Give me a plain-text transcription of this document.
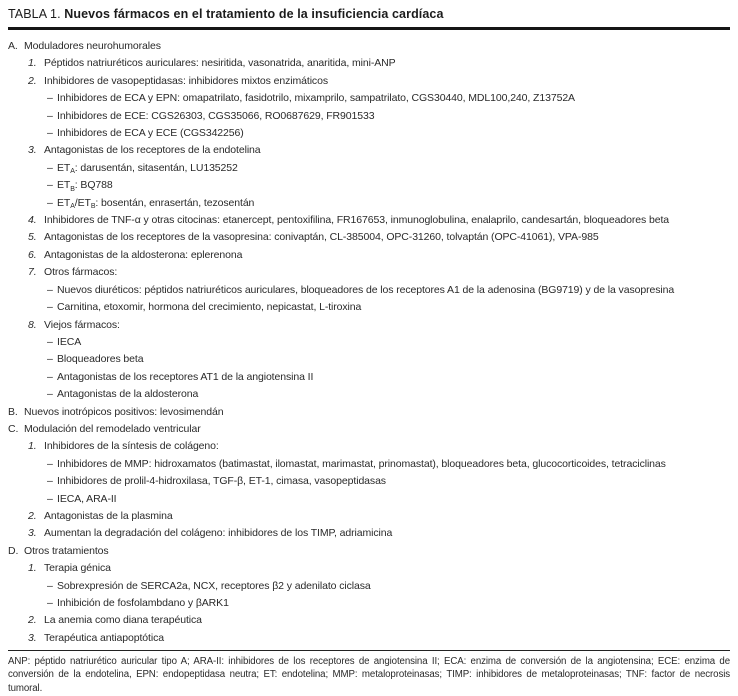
TABLA 1. Nuevos fármacos en el tratamiento de la insuficiencia cardíaca
A. Moduladores neurohumorales
1. Péptidos natriuréticos auriculares: nesiritida, vasonatrida, anaritida, mini-ANP
2. Inhibidores de vasopeptidasas: inhibidores mixtos enzimáticos
– Inhibidores de ECA y EPN: omapatrilato, fasidotrilo, mixamprilo, sampatrilato, CGS30440, MDL100,240, Z13752A
– Inhibidores de ECE: CGS26303, CGS35066, RO0687629, FR901533
– Inhibidores de ECA y ECE (CGS342256)
3. Antagonistas de los receptores de la endotelina
– $ET_A$: darusentán, sitasentán, LU135252
– $ET_B$: BQ788
– $ET_A/ET_B$: bosentán, enrasertán, tezosentán
4. Inhibidores de TNF-α y otras citocinas: etanercept, pentoxifilina, FR167653, inmunoglobulina, enalaprilo, candesartán, bloqueadores beta
5. Antagonistas de los receptores de la vasopresina: conivaptán, CL-385004, OPC-31260, tolvaptán (OPC-41061), VPA-985
6. Antagonistas de la aldosterona: eplerenona
7. Otros fármacos:
– Nuevos diuréticos: péptidos natriuréticos auriculares, bloqueadores de los receptores A1 de la adenosina (BG9719) y de la vasopresina
– Carnitina, etoxomir, hormona del crecimiento, nepicastat, L-tiroxina
8. Viejos fármacos:
– IECA
– Bloqueadores beta
– Antagonistas de los receptores AT1 de la angiotensina II
– Antagonistas de la aldosterona
B. Nuevos inotrópicos positivos: levosimendán
C. Modulación del remodelado ventricular
1. Inhibidores de la síntesis de colágeno:
– Inhibidores de MMP: hidroxamatos (batimastat, ilomastat, marimastat, prinomastat), bloqueadores beta, glucocorticoides, tetraciclinas
– Inhibidores de prolil-4-hidroxilasa, TGF-β, ET-1, cimasa, vasopeptidasas
– IECA, ARA-II
2. Antagonistas de la plasmina
3. Aumentan la degradación del colágeno: inhibidores de los TIMP, adriamicina
D. Otros tratamientos
1. Terapia génica
– Sobrexpresión de SERCA2a, NCX, receptores β2 y adenilato ciclasa
– Inhibición de fosfolambdano y βARK1
2. La anemia como diana terapéutica
3. Terapéutica antiapoptótica
ANP: péptido natriurético auricular tipo A; ARA-II: inhibidores de los receptores de angiotensina II; ECA: enzima de conversión de la angiotensina; ECE: enzima de conversión de la endotelina, EPN: endopeptidasa neutra; ET: endotelina; MMP: metaloproteinasas; TIMP: inhibidores de metaloproteinasas; TNF: factor de necrosis tumoral.
